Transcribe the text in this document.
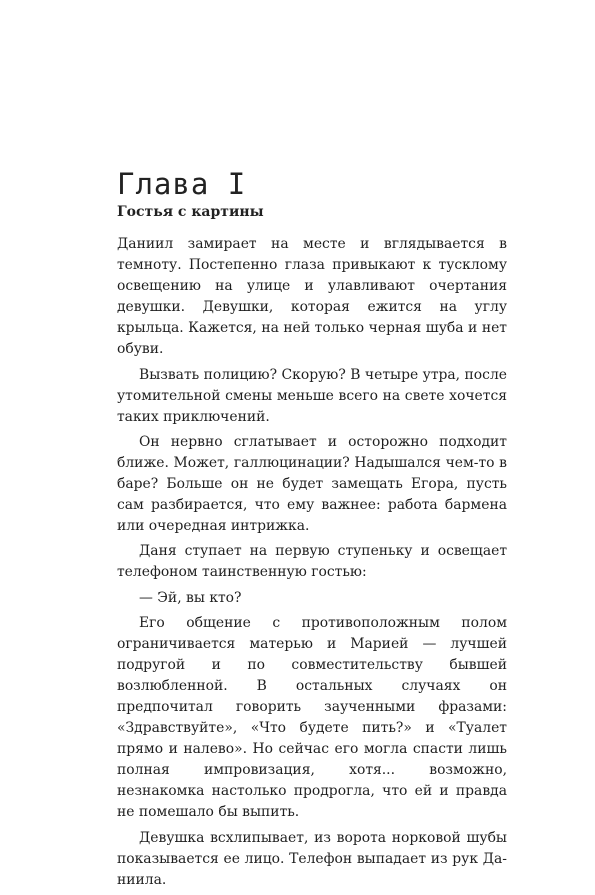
Глава I
Гостья с картины

Даниил замирает на месте и вглядывается в темноту. Постепенно глаза привыкают к тусклому освещению на улице и улавливают очертания девушки. Девушки, которая ежится на углу крыльца. Кажется, на ней только черная шуба и нет обуви.

Вызвать полицию? Скорую? В четыре утра, после утомительной смены меньше всего на свете хочется таких приключений.

Он нервно сглатывает и осторожно подходит ближе. Может, галлюцинации? Надышался чем-то в баре? Больше он не будет замещать Егора, пусть сам разбирается, что ему важнее: работа бармена или очередная интрижка.

Даня ступает на первую ступеньку и освещает телефоном таинственную гостью:

— Эй, вы кто?

Его общение с противоположным полом ограничивается матерью и Марией — лучшей подругой и по совместительству бывшей возлюбленной. В остальных случаях он предпочитал говорить заученными фразами: «Здравствуйте», «Что будете пить?» и «Туалет прямо и налево». Но сейчас его могла спасти лишь полная импровизация, хотя... возможно, незнакомка настолько продрогла, что ей и правда не помешало бы выпить.

Девушка всхлипывает, из ворота норковой шубы показывается ее лицо. Телефон выпадает из рук Даниила.
